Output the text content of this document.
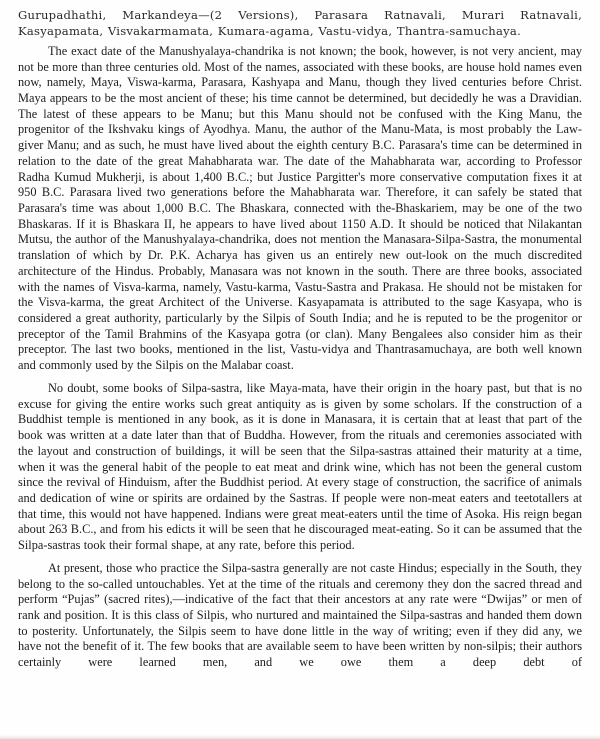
Gurupadhathi, Markandeya—(2 Versions), Parasara Ratnavali, Murari Ratnavali, Kasyapamata, Visvakarmamata, Kumara-agama, Vastu-vidya, Thantra-samuchaya.

The exact date of the Manushyalaya-chandrika is not known; the book, however, is not very ancient, may not be more than three centuries old. Most of the names, associated with these books, are house hold names even now, namely, Maya, Viswa-karma, Parasara, Kashyapa and Manu, though they lived centuries before Christ. Maya appears to be the most ancient of these; his time cannot be determined, but decidedly he was a Dravidian. The latest of these appears to be Manu; but this Manu should not be confused with the King Manu, the progenitor of the Ikshvaku kings of Ayodhya. Manu, the author of the Manu-Mata, is most probably the Law-giver Manu; and as such, he must have lived about the eighth century B.C. Parasara's time can be determined in relation to the date of the great Mahabharata war. The date of the Mahabharata war, according to Professor Radha Kumud Mukherji, is about 1,400 B.C.; but Justice Pargitter's more conservative computation fixes it at 950 B.C. Parasara lived two generations before the Mahabharata war. Therefore, it can safely be stated that Parasara's time was about 1,000 B.C. The Bhaskara, connected with the-Bhaskariem, may be one of the two Bhaskaras. If it is Bhaskara II, he appears to have lived about 1150 A.D. It should be noticed that Nilakantan Mutsu, the author of the Manushyalaya-chandrika, does not mention the Manasara-Silpa-Sastra, the monumental translation of which by Dr. P.K. Acharya has given us an entirely new out-look on the much discredited architecture of the Hindus. Probably, Manasara was not known in the south. There are three books, associated with the names of Visva-karma, namely, Vastu-karma, Vastu-Sastra and Prakasa. He should not be mistaken for the Visva-karma, the great Architect of the Universe. Kasyapamata is attributed to the sage Kasyapa, who is considered a great authority, particularly by the Silpis of South India; and he is reputed to be the progenitor or preceptor of the Tamil Brahmins of the Kasyapa gotra (or clan). Many Bengalees also consider him as their preceptor. The last two books, mentioned in the list, Vastu-vidya and Thantrasamuchaya, are both well known and commonly used by the Silpis on the Malabar coast.

No doubt, some books of Silpa-sastra, like Maya-mata, have their origin in the hoary past, but that is no excuse for giving the entire works such great antiquity as is given by some scholars. If the construction of a Buddhist temple is mentioned in any book, as it is done in Manasara, it is certain that at least that part of the book was written at a date later than that of Buddha. However, from the rituals and ceremonies associated with the layout and construction of buildings, it will be seen that the Silpa-sastras attained their maturity at a time, when it was the general habit of the people to eat meat and drink wine, which has not been the general custom since the revival of Hinduism, after the Buddhist period. At every stage of construction, the sacrifice of animals and dedication of wine or spirits are ordained by the Sastras. If people were non-meat eaters and teetotallers at that time, this would not have happened. Indians were great meat-eaters until the time of Asoka. His reign began about 263 B.C., and from his edicts it will be seen that he discouraged meat-eating. So it can be assumed that the Silpa-sastras took their formal shape, at any rate, before this period.

At present, those who practice the Silpa-sastra generally are not caste Hindus; especially in the South, they belong to the so-called untouchables. Yet at the time of the rituals and ceremony they don the sacred thread and perform “Pujas” (sacred rites),—indicative of the fact that their ancestors at any rate were “Dwijas” or men of rank and position. It is this class of Silpis, who nurtured and maintained the Silpa-sastras and handed them down to posterity. Unfortunately, the Silpis seem to have done little in the way of writing; even if they did any, we have not the benefit of it. The few books that are available seem to have been written by non-silpis; their authors certainly were learned men, and we owe them a deep debt of
